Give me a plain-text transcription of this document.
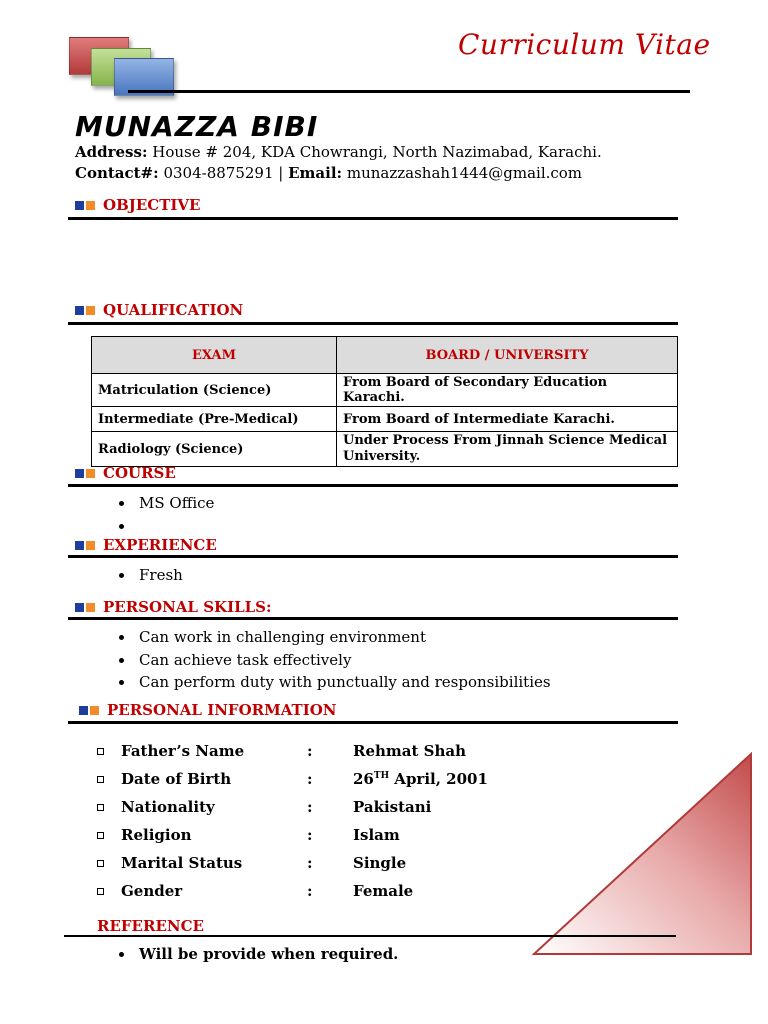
Curriculum Vitae
MUNAZZA BIBI
Address: House # 204, KDA Chowrangi, North Nazimabad, Karachi.
Contact#: 0304-8875291 | Email: munazzashah1444@gmail.com
OBJECTIVE
QUALIFICATION
EXAM	BOARD / UNIVERSITY
Matriculation (Science)	From Board of Secondary Education Karachi.
Intermediate (Pre-Medical)	From Board of Intermediate Karachi.
Radiology (Science)	Under Process From Jinnah Science Medical University.
COURSE
MS Office
EXPERIENCE
Fresh
PERSONAL SKILLS:
Can work in challenging environment
Can achieve task effectively
Can perform duty with punctually and responsibilities
PERSONAL INFORMATION
Father’s Name	:	Rehmat Shah
Date of Birth	:	26TH April, 2001
Nationality	:	Pakistani
Religion	:	Islam
Marital Status	:	Single
Gender	:	Female
REFERENCE
Will be provide when required.
